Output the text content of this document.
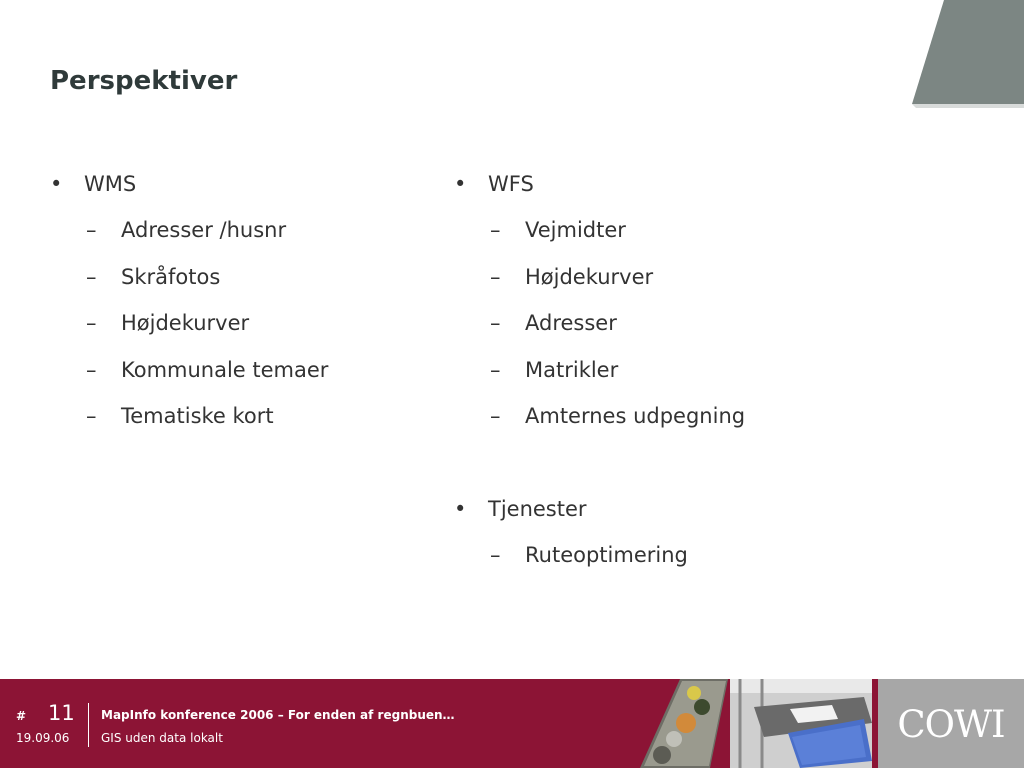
Perspektiver
• WMS
– Adresser /husnr
– Skråfotos
– Højdekurver
– Kommunale temaer
– Tematiske kort
• WFS
– Vejmidter
– Højdekurver
– Adresser
– Matrikler
– Amternes udpegning
• Tjenester
– Ruteoptimering
# 11
19.09.06
MapInfo konference 2006 – For enden af regnbuen…
GIS uden data lokalt	COWI
